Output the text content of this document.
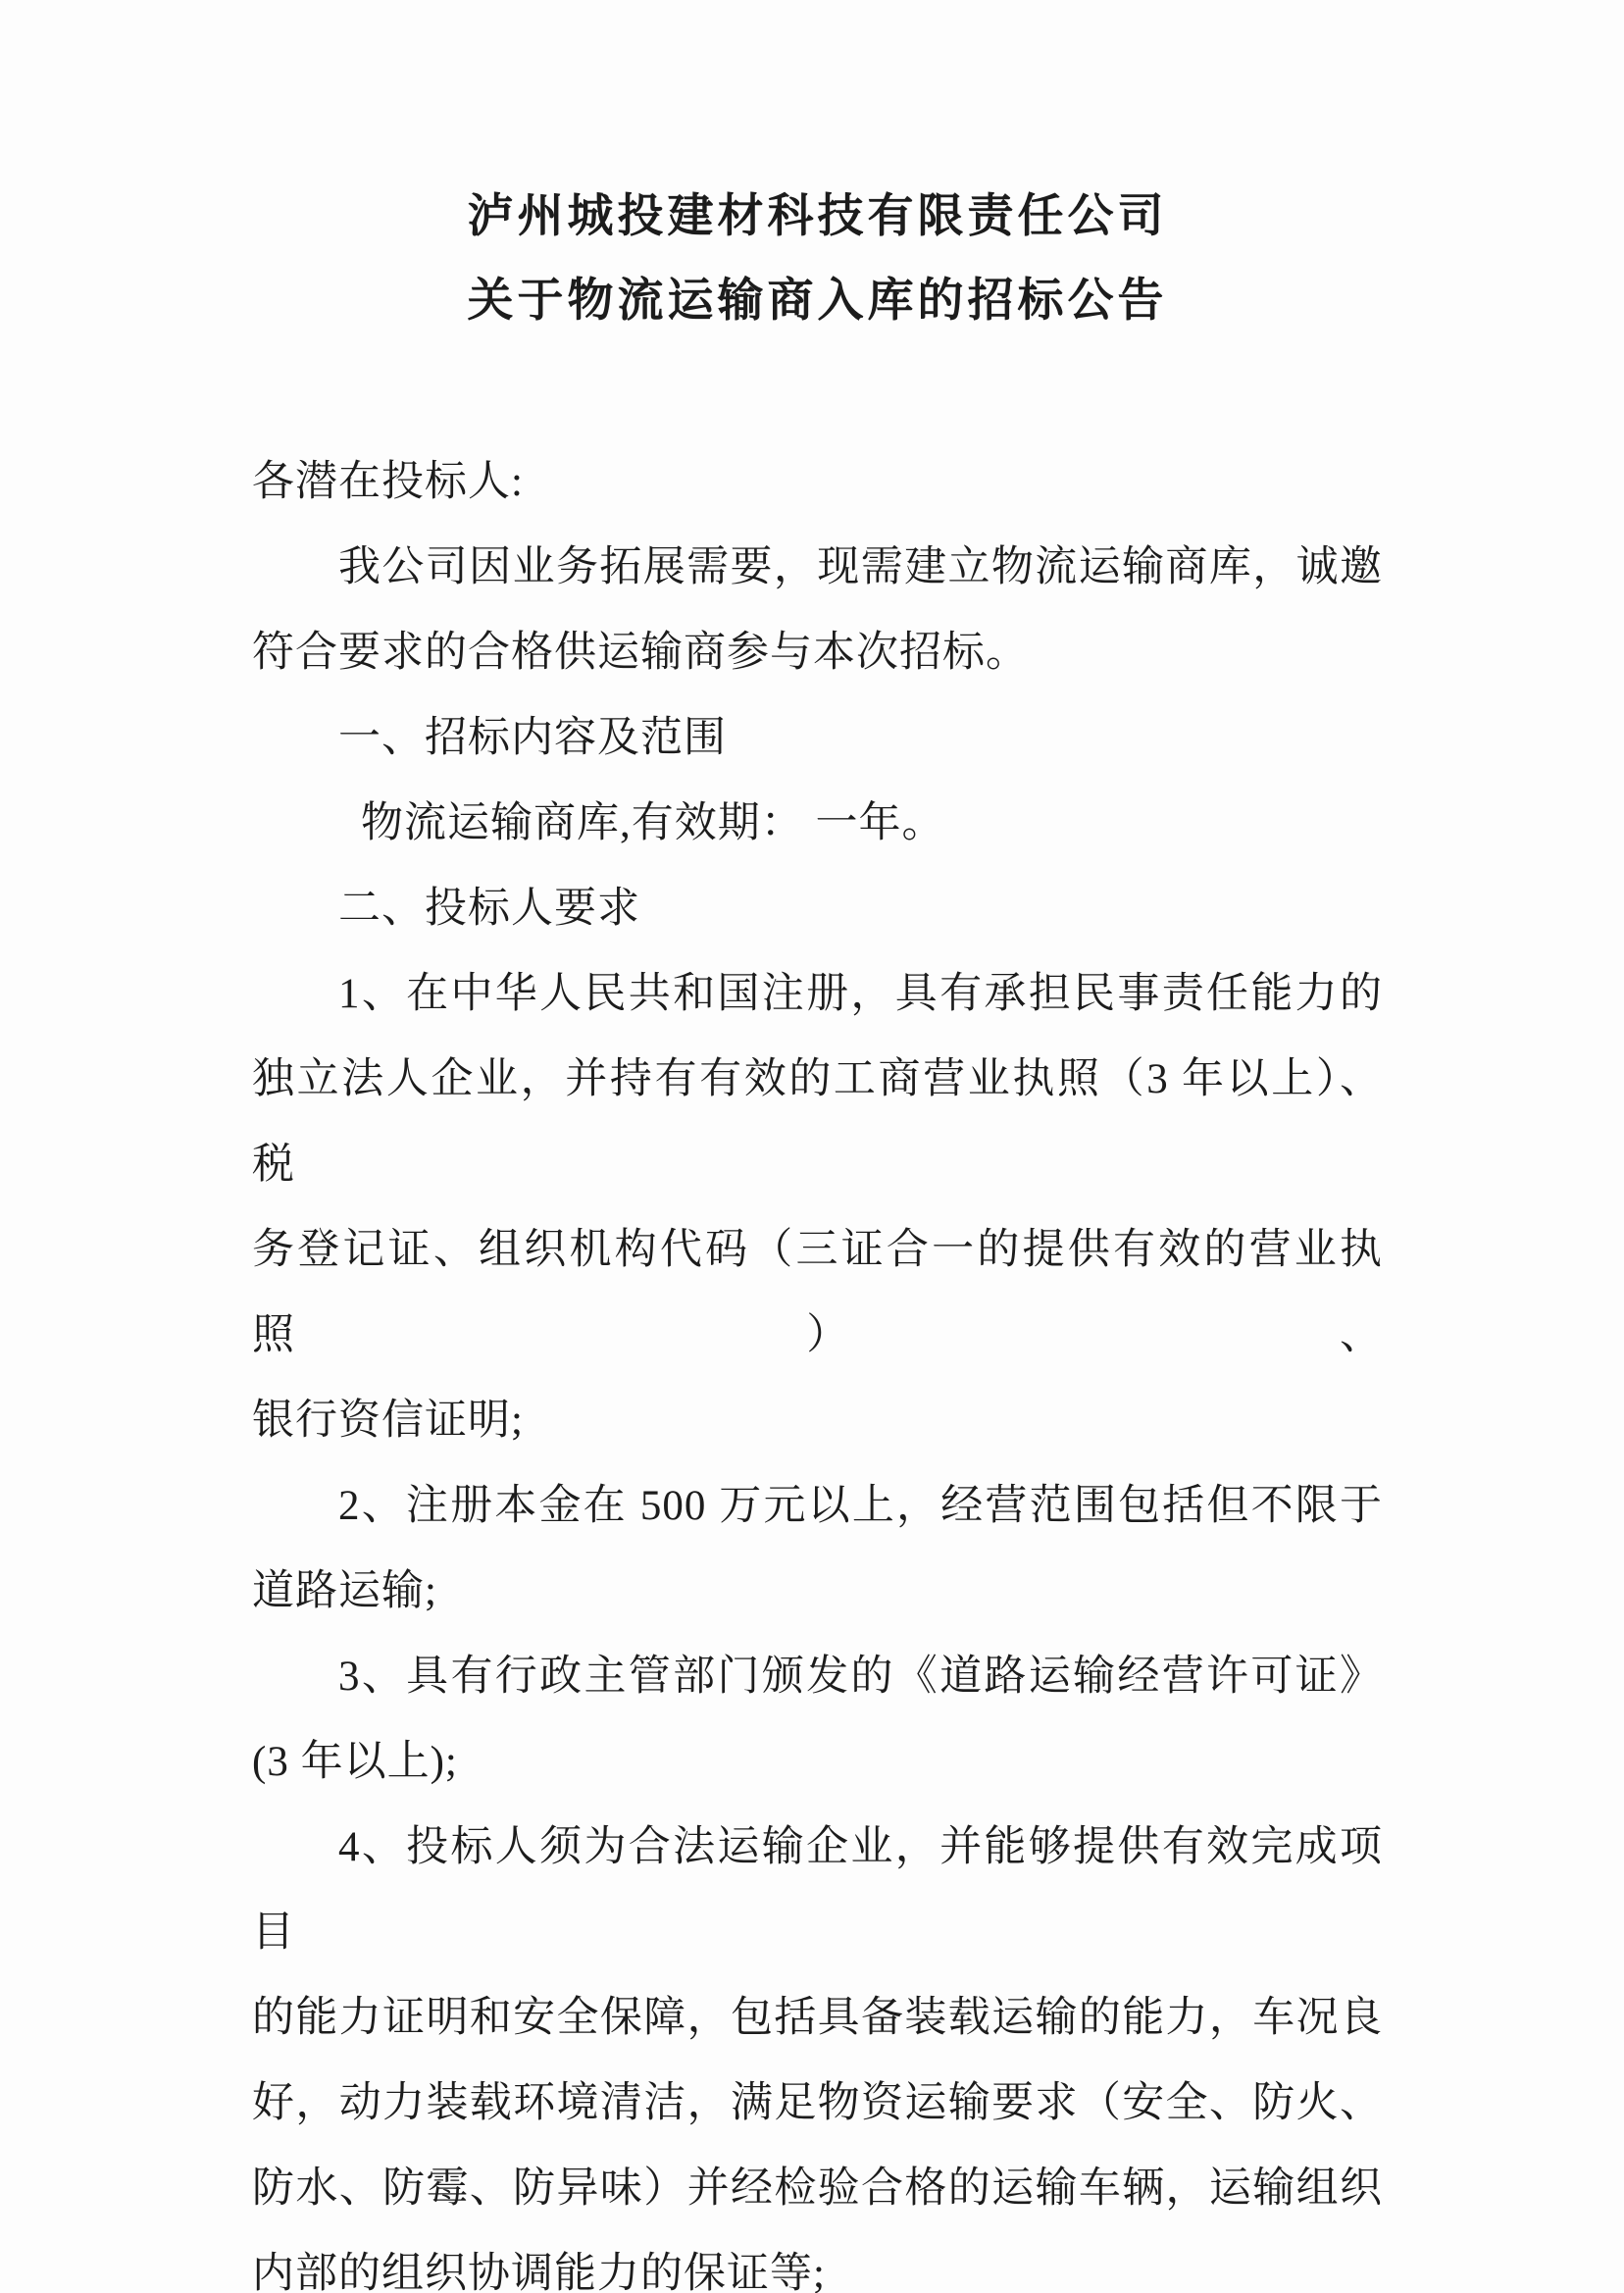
泸州城投建材科技有限责任公司
关于物流运输商入库的招标公告
各潜在投标人:
我公司因业务拓展需要，现需建立物流运输商库，诚邀
符合要求的合格供运输商参与本次招标。
一、招标内容及范围
物流运输商库,有效期： 一年。
二、投标人要求
1、在中华人民共和国注册，具有承担民事责任能力的
独立法人企业，并持有有效的工商营业执照（3 年以上）、税
务登记证、组织机构代码（三证合一的提供有效的营业执照）、
银行资信证明;
2、注册本金在 500 万元以上，经营范围包括但不限于
道路运输;
3、具有行政主管部门颁发的《道路运输经营许可证》
(3 年以上);
4、投标人须为合法运输企业，并能够提供有效完成项目
的能力证明和安全保障，包括具备装载运输的能力，车况良
好，动力装载环境清洁，满足物资运输要求（安全、防火、
防水、防霉、防异味）并经检验合格的运输车辆，运输组织
内部的组织协调能力的保证等;
